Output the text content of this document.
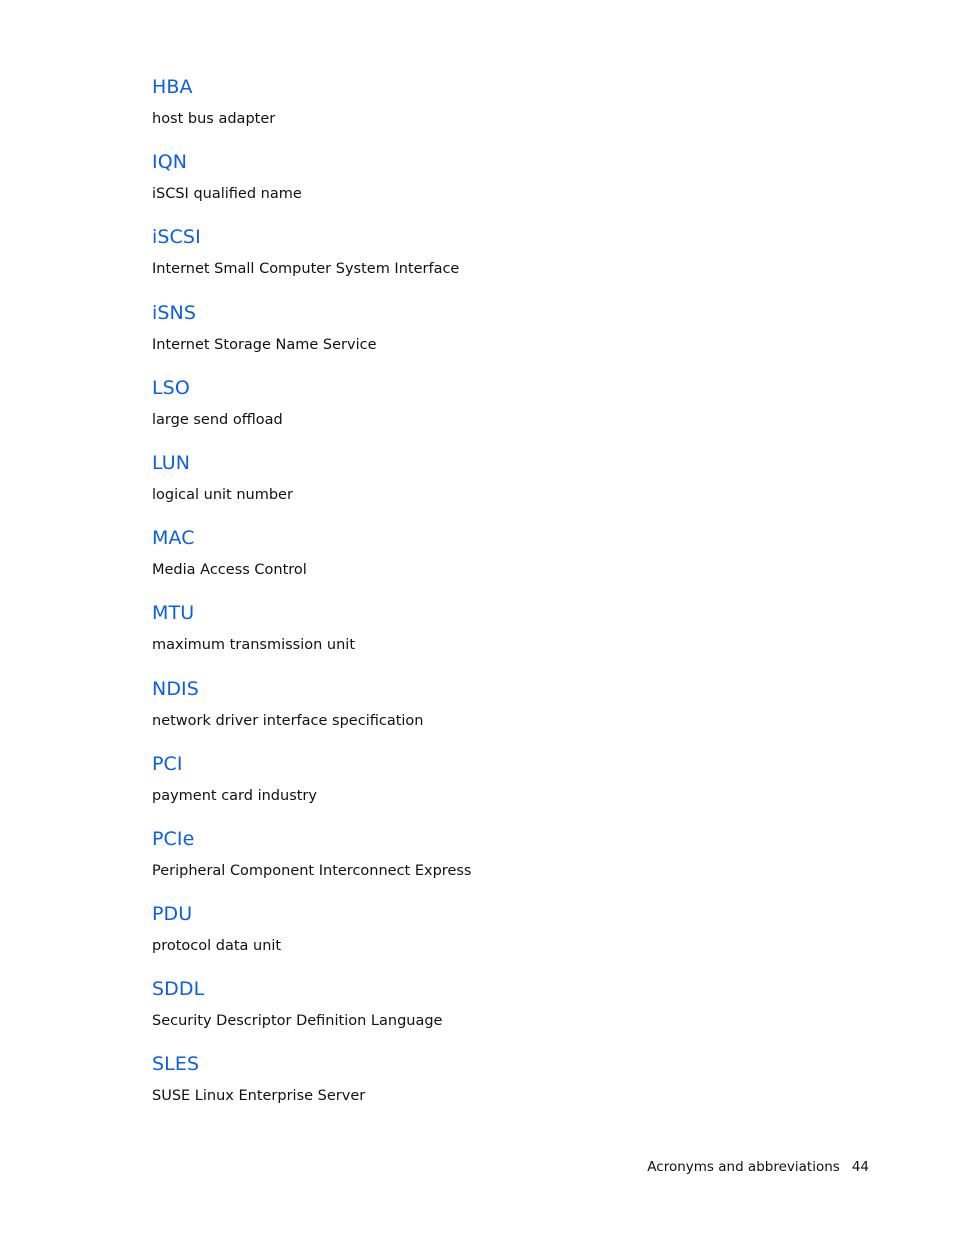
HBA

host bus adapter

IQN

iSCSI qualified name

iSCSI

Internet Small Computer System Interface

iSNS

Internet Storage Name Service

LSO

large send offload

LUN

logical unit number

MAC

Media Access Control

MTU

maximum transmission unit

NDIS

network driver interface specification

PCI

payment card industry

PCIe

Peripheral Component Interconnect Express

PDU

protocol data unit

SDDL

Security Descriptor Definition Language

SLES

SUSE Linux Enterprise Server

Acronyms and abbreviations 44
